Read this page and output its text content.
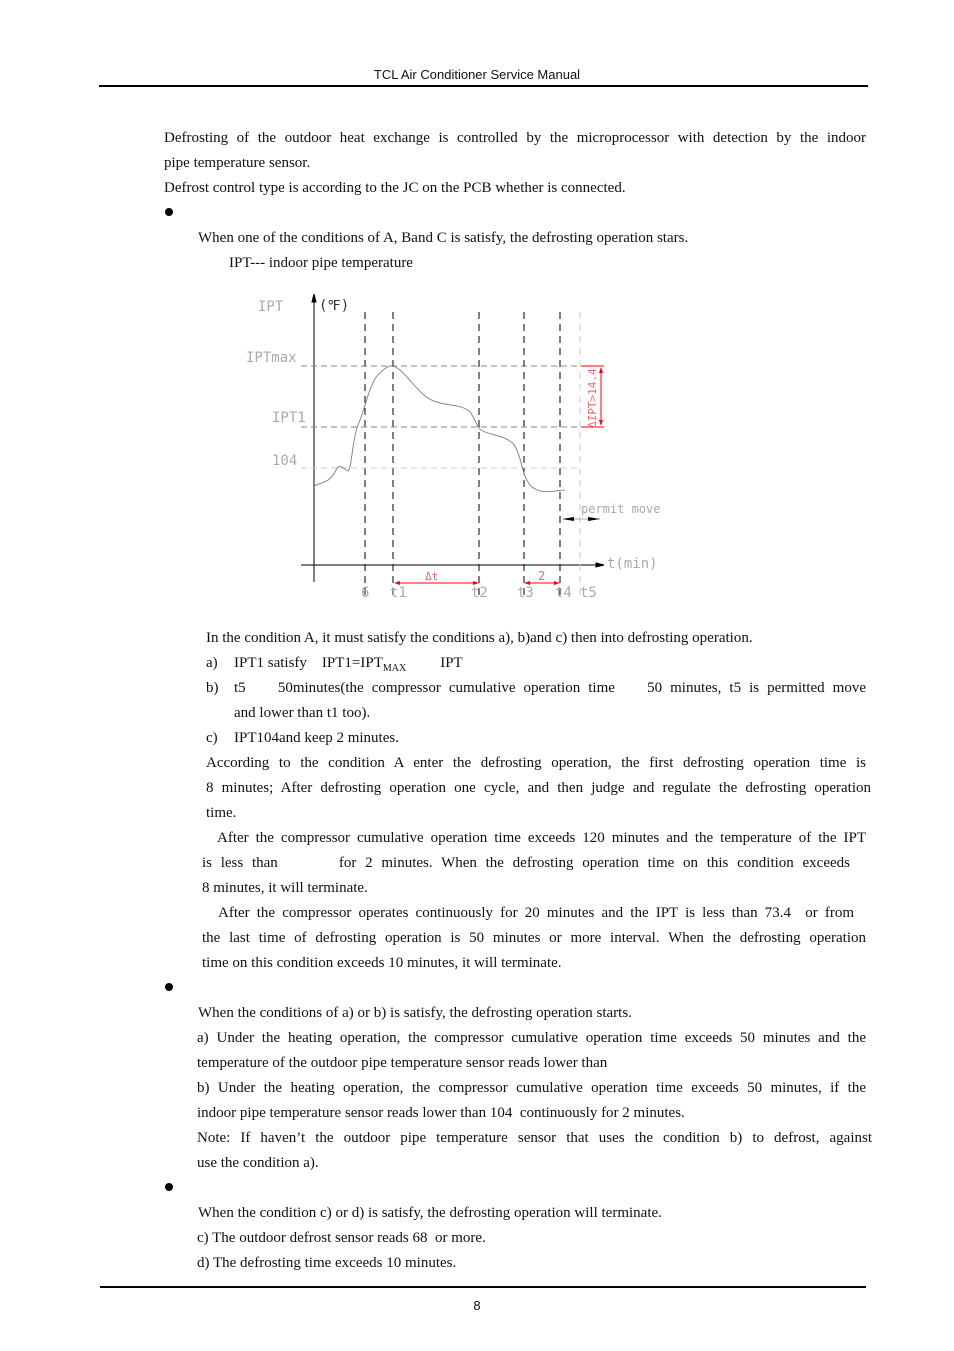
TCL Air Conditioner Service Manual
Defrosting of the outdoor heat exchange is controlled by the microprocessor with detection by the indoor
pipe temperature sensor.
Defrost control type is according to the JC on the PCB whether is connected.
When one of the conditions of A, Band C is satisfy, the defrosting operation stars.
IPT--- indoor pipe temperature
IPT	(℉)
IPTmax
IPT1
104
t(min)
permit move
6 t1	t2 t3 t4 t5
Δt	2
ΔIPT>14.4
In the condition A, it must satisfy the conditions a), b)and c) then into defrosting operation.
a) IPT1 satisfy    $IPT1=IPT_{MAX}$ IPT
b) t5    50minutes(the compressor cumulative operation time    50 minutes, t5 is permitted move
and lower than t1 too).
c) IPT104and keep 2 minutes.
According to the condition A enter the defrosting operation, the first defrosting operation time is
8 minutes; After defrosting operation one cycle, and then judge and regulate the defrosting operation
time.
After the compressor cumulative operation time exceeds 120 minutes and the temperature of the IPT
is less than       for 2 minutes. When the defrosting operation time on this condition exceeds
8 minutes, it will terminate.
After the compressor operates continuously for 20 minutes and the IPT is less than 73.4  or from
the last time of defrosting operation is 50 minutes or more interval. When the defrosting operation
time on this condition exceeds 10 minutes, it will terminate.
When the conditions of a) or b) is satisfy, the defrosting operation starts.
a) Under the heating operation, the compressor cumulative operation time exceeds 50 minutes and the
temperature of the outdoor pipe temperature sensor reads lower than
b) Under the heating operation, the compressor cumulative operation time exceeds 50 minutes, if the
indoor pipe temperature sensor reads lower than 104  continuously for 2 minutes.
Note: If haven’t the outdoor pipe temperature sensor that uses the condition b) to defrost, against
use the condition a).
When the condition c) or d) is satisfy, the defrosting operation will terminate.
c) The outdoor defrost sensor reads 68  or more.
d) The defrosting time exceeds 10 minutes.
8
